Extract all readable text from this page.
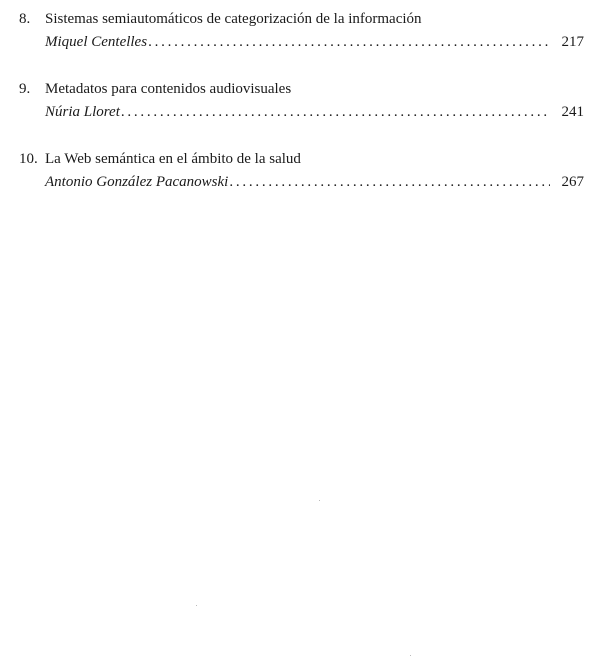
8. Sistemas semiautomáticos de categorización de la información
Miquel Centelles . . .	217
9. Metadatos para contenidos audiovisuales
Núria Lloret . . .	241
10. La Web semántica en el ámbito de la salud
Antonio González Pacanowski . . .	267
